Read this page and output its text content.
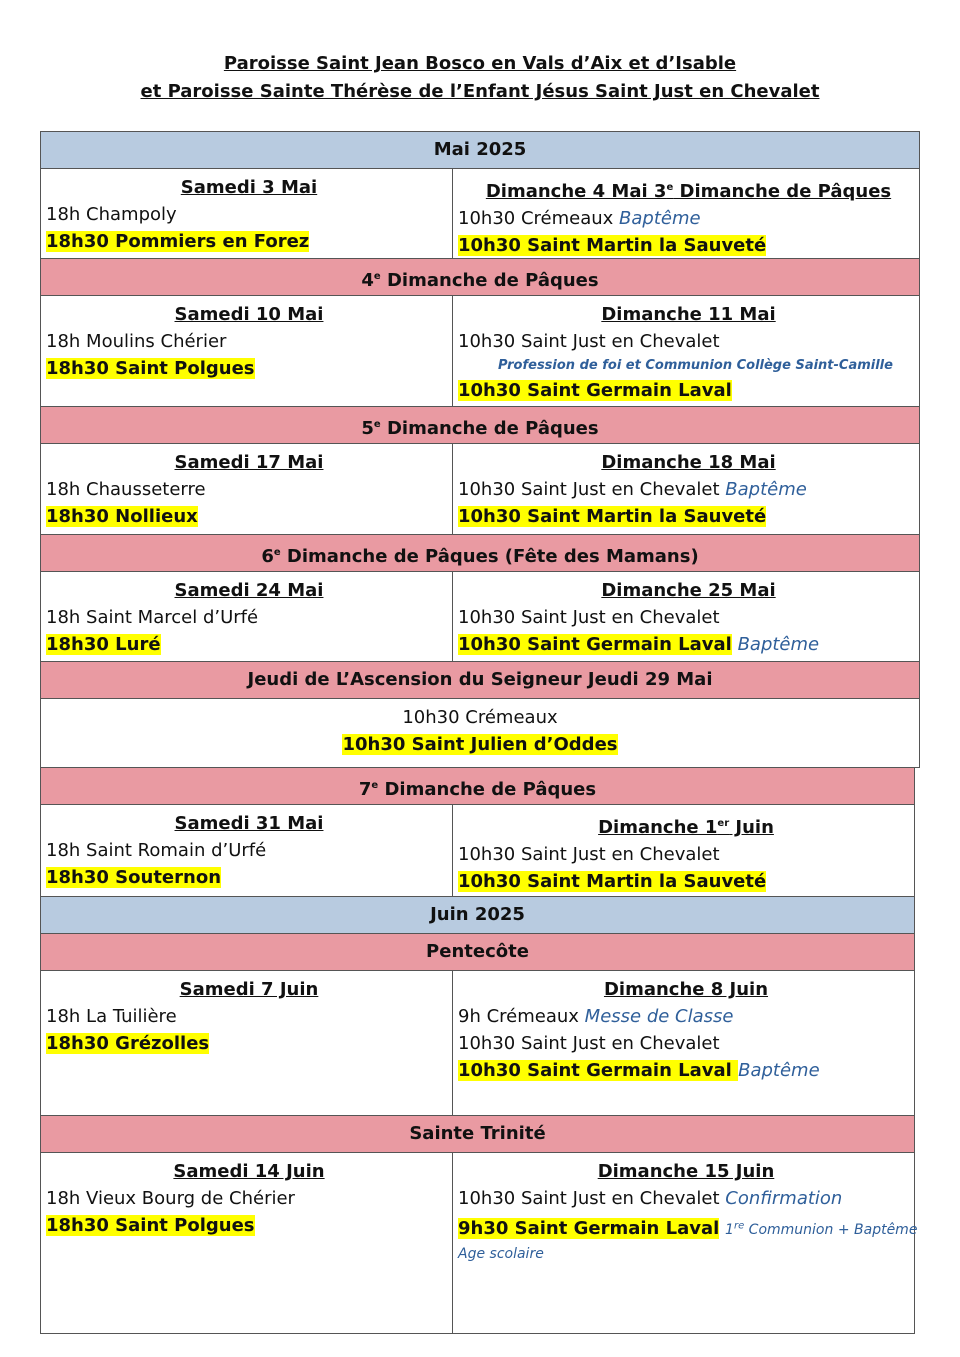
Paroisse Saint Jean Bosco en Vals d’Aix et d’Isable
et Paroisse Sainte Thérèse de l’Enfant Jésus Saint Just en Chevalet
Mai 2025
Samedi 3 Mai
18h Champoly
18h30 Pommiers en Forez
Dimanche 4 Mai 3e Dimanche de Pâques
10h30 Crémeaux Baptême
10h30 Saint Martin la Sauveté
4e Dimanche de Pâques
Samedi 10 Mai
18h Moulins Chérier
18h30 Saint Polgues
Dimanche 11 Mai
10h30 Saint Just en Chevalet
Profession de foi et Communion Collège Saint-Camille
10h30 Saint Germain Laval
5e Dimanche de Pâques
Samedi 17 Mai
18h Chausseterre
18h30 Nollieux
Dimanche 18 Mai
10h30 Saint Just en Chevalet Baptême
10h30 Saint Martin la Sauveté
6e Dimanche de Pâques (Fête des Mamans)
Samedi 24 Mai
18h Saint Marcel d’Urfé
18h30 Luré
Dimanche 25 Mai
10h30 Saint Just en Chevalet
10h30 Saint Germain Laval Baptême
Jeudi de L’Ascension du Seigneur Jeudi 29 Mai
10h30 Crémeaux
10h30 Saint Julien d’Oddes
7e Dimanche de Pâques
Samedi 31 Mai
18h Saint Romain d’Urfé
18h30 Souternon
Dimanche 1er Juin
10h30 Saint Just en Chevalet
10h30 Saint Martin la Sauveté
Juin 2025
Pentecôte
Samedi 7 Juin
18h La Tuilière
18h30 Grézolles
Dimanche 8 Juin
9h Crémeaux Messe de Classe
10h30 Saint Just en Chevalet
10h30 Saint Germain Laval Baptême
Sainte Trinité
Samedi 14 Juin
18h Vieux Bourg de Chérier
18h30 Saint Polgues
Dimanche 15 Juin
10h30 Saint Just en Chevalet Confirmation
9h30 Saint Germain Laval 1re Communion + Baptême
Age scolaire
